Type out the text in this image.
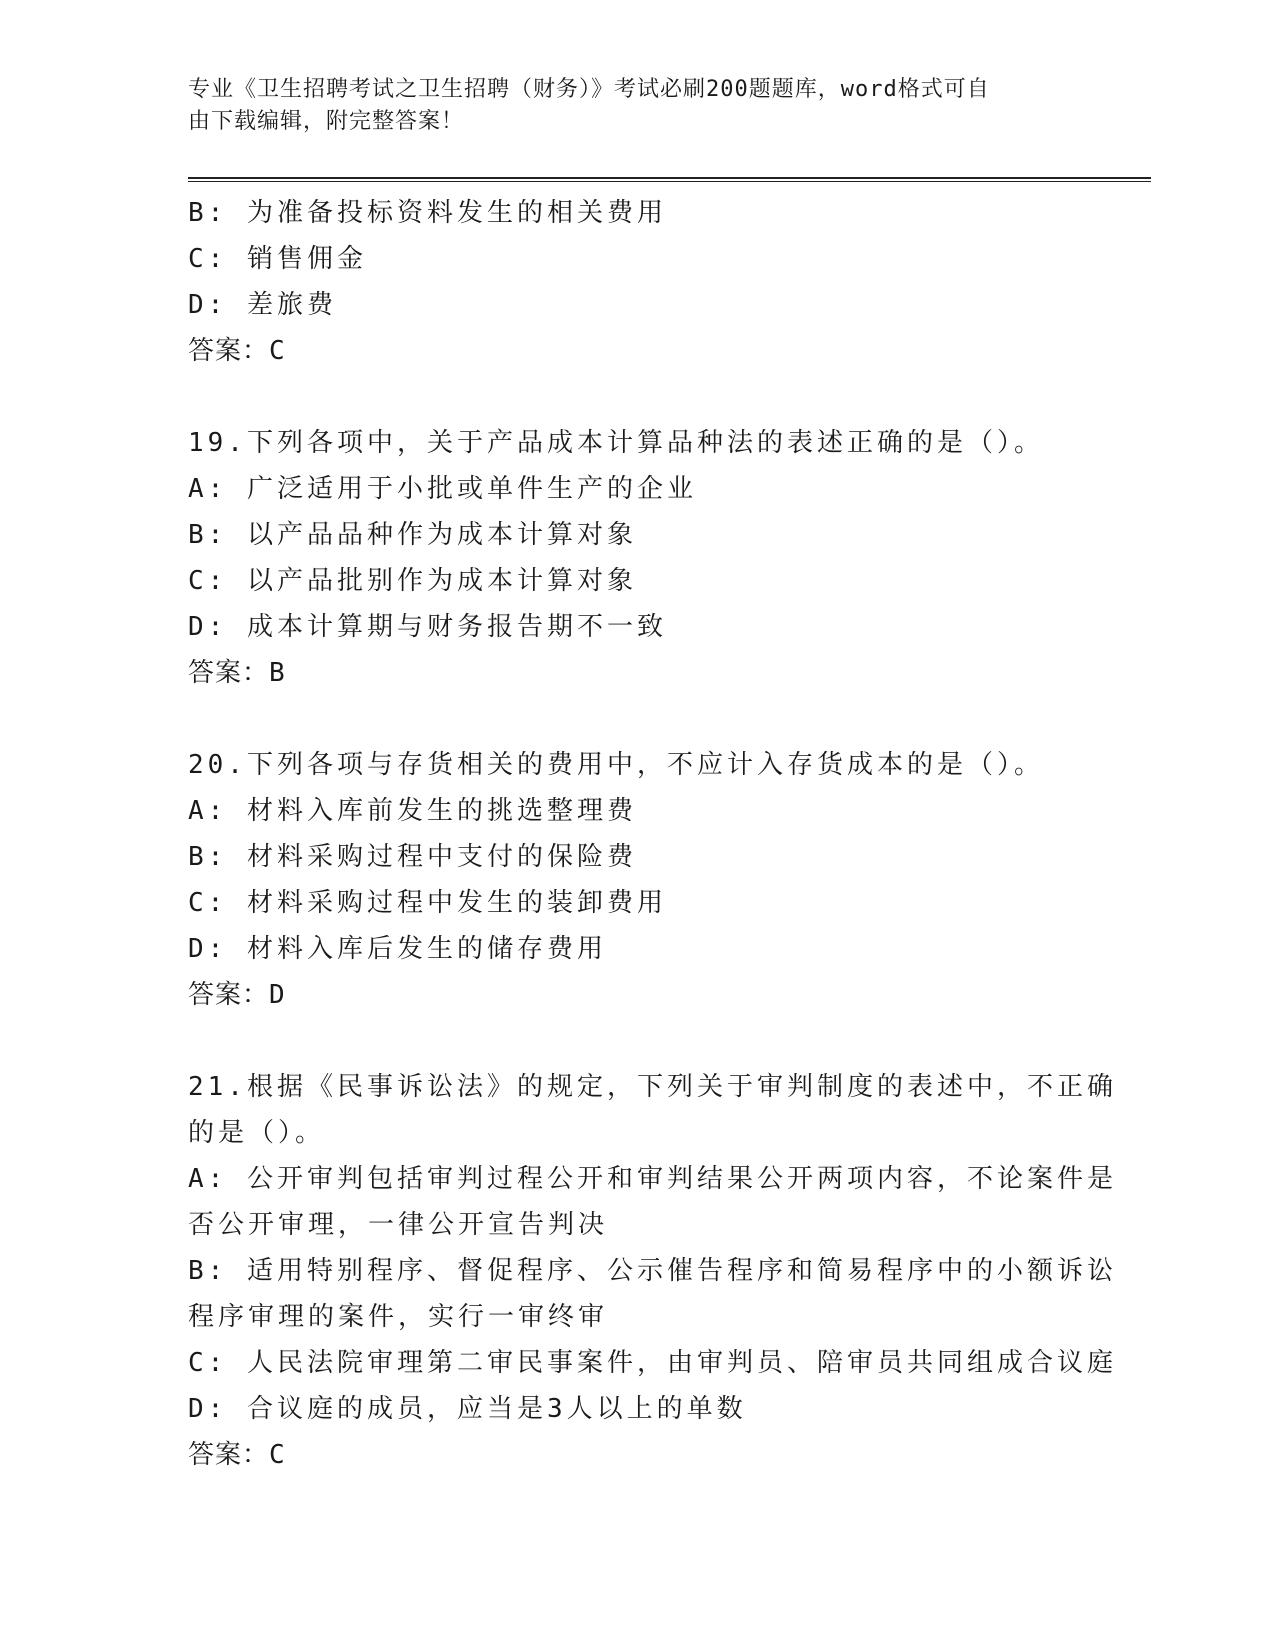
专业《卫生招聘考试之卫生招聘（财务）》考试必刷200题题库，word格式可自
由下载编辑，附完整答案！
B: 为准备投标资料发生的相关费用
C: 销售佣金
D: 差旅费
答案：C
19.下列各项中，关于产品成本计算品种法的表述正确的是（）。
A: 广泛适用于小批或单件生产的企业
B: 以产品品种作为成本计算对象
C: 以产品批别作为成本计算对象
D: 成本计算期与财务报告期不一致
答案：B
20.下列各项与存货相关的费用中，不应计入存货成本的是（）。
A: 材料入库前发生的挑选整理费
B: 材料采购过程中支付的保险费
C: 材料采购过程中发生的装卸费用
D: 材料入库后发生的储存费用
答案：D
21.根据《民事诉讼法》的规定，下列关于审判制度的表述中，不正确
的是（）。
A: 公开审判包括审判过程公开和审判结果公开两项内容，不论案件是
否公开审理，一律公开宣告判决
B: 适用特别程序、督促程序、公示催告程序和简易程序中的小额诉讼
程序审理的案件，实行一审终审
C: 人民法院审理第二审民事案件，由审判员、陪审员共同组成合议庭
D: 合议庭的成员，应当是3人以上的单数
答案：C
